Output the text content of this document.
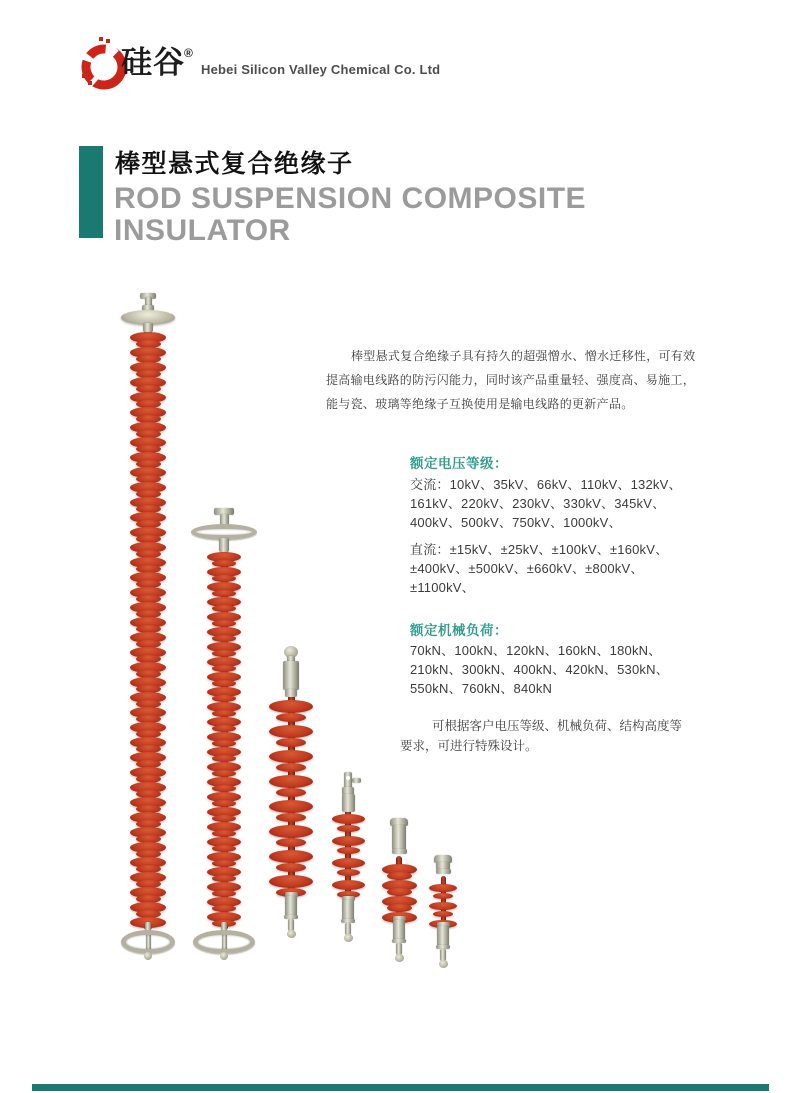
硅谷 ®
Hebei Silicon Valley Chemical Co. Ltd
棒型悬式复合绝缘子
ROD SUSPENSION COMPOSITE
INSULATOR
棒型悬式复合绝缘子具有持久的超强憎水、憎水迁移性，可有效
提高输电线路的防污闪能力，同时该产品重量轻、强度高、易施工，
能与瓷、玻璃等绝缘子互换使用是输电线路的更新产品。
额定电压等级：
交流：10kV、35kV、66kV、110kV、132kV、
161kV、220kV、230kV、330kV、345kV、
400kV、500kV、750kV、1000kV、
直流：±15kV、±25kV、±100kV、±160kV、
±400kV、±500kV、±660kV、±800kV、
±1100kV、
额定机械负荷：
70kN、100kN、120kN、160kN、180kN、
210kN、300kN、400kN、420kN、530kN、
550kN、760kN、840kN
可根据客户电压等级、机械负荷、结构高度等
要求，可进行特殊设计。
